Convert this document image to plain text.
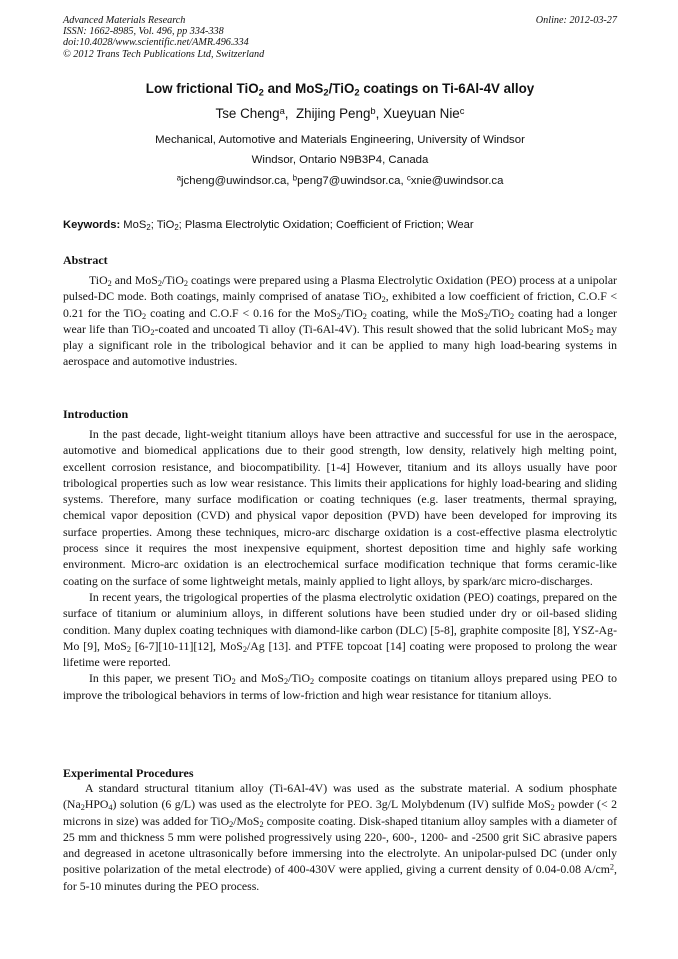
Advanced Materials Research
ISSN: 1662-8985, Vol. 496, pp 334-338
doi:10.4028/www.scientific.net/AMR.496.334
© 2012 Trans Tech Publications Ltd, Switzerland
Online: 2012-03-27
Low frictional TiO$_2$ and MoS$_2$/TiO$_2$ coatings on Ti-6Al-4V alloy
Tse Cheng$^a$,  Zhijing Peng$^b$, Xueyuan Nie$^c$
Mechanical, Automotive and Materials Engineering, University of Windsor
Windsor, Ontario N9B3P4, Canada
$^a$jcheng@uwindsor.ca, $^b$peng7@uwindsor.ca, $^c$xnie@uwindsor.ca
Keywords: MoS$_2$; TiO$_2$; Plasma Electrolytic Oxidation; Coefficient of Friction; Wear
Abstract

TiO$_2$ and MoS$_2$/TiO$_2$ coatings were prepared using a Plasma Electrolytic Oxidation (PEO) process at a unipolar pulsed-DC mode. Both coatings, mainly comprised of anatase TiO$_2$, exhibited a low coefficient of friction, C.O.F < 0.21 for the TiO$_2$ coating and C.O.F < 0.16 for the MoS$_2$/TiO$_2$ coating, while the MoS$_2$/TiO$_2$ coating had a longer wear life than TiO$_2$-coated and uncoated Ti alloy (Ti-6Al-4V). This result showed that the solid lubricant MoS$_2$ may play a significant role in the tribological behavior and it can be applied to many high load-bearing systems in aerospace and automotive industries.

Introduction

In the past decade, light-weight titanium alloys have been attractive and successful for use in the aerospace, automotive and biomedical applications due to their good strength, low density, relatively high melting point, excellent corrosion resistance, and biocompatibility. [1-4] However, titanium and its alloys usually have poor tribological properties such as low wear resistance. This limits their applications for highly load-bearing and sliding systems. Therefore, many surface modification or coating techniques (e.g. laser treatments, thermal spraying, chemical vapor deposition (CVD) and physical vapor deposition (PVD) have been developed for improving its surface properties. Among these techniques, micro-arc discharge oxidation is a cost-effective plasma electrolytic process since it requires the most inexpensive equipment, shortest deposition time and highly safe working environment. Micro-arc oxidation is an electrochemical surface modification technique that forms ceramic-like coating on the surface of some lightweight metals, mainly applied to light alloys, by spark/arc micro-discharges.

In recent years, the trigological properties of the plasma electrolytic oxidation (PEO) coatings, prepared on the surface of titanium or aluminium alloys, in different solutions have been studied under dry or oil-based sliding condition. Many duplex coating techniques with diamond-like carbon (DLC) [5-8], graphite composite [8], YSZ-Ag-Mo [9], MoS$_2$ [6-7][10-11][12], MoS$_2$/Ag [13]. and PTFE topcoat [14] coating were proposed to prolong the wear lifetime were reported.

In this paper, we present TiO$_2$ and MoS$_2$/TiO$_2$ composite coatings on titanium alloys prepared using PEO to improve the tribological behaviors in terms of low-friction and high wear resistance for titanium alloys.

Experimental Procedures

A standard structural titanium alloy (Ti-6Al-4V) was used as the substrate material. A sodium phosphate $(Na_2HPO_4)$ solution (6 g/L) was used as the electrolyte for PEO. 3g/L Molybdenum (IV) sulfide MoS$_2$ powder (< 2 microns in size) was added for TiO$_2$/MoS$_2$ composite coating. Disk-shaped titanium alloy samples with a diameter of 25 mm and thickness 5 mm were polished progressively using 220-, 600-, 1200- and -2500 grit SiC abrasive papers and degreased in acetone ultrasonically before immersing into the electrolyte. An unipolar-pulsed DC (under only positive polarization of the metal electrode) of 400-430V were applied, giving a current density of 0.04-0.08 $A/cm^2$, for 5-10 minutes during the PEO process.
